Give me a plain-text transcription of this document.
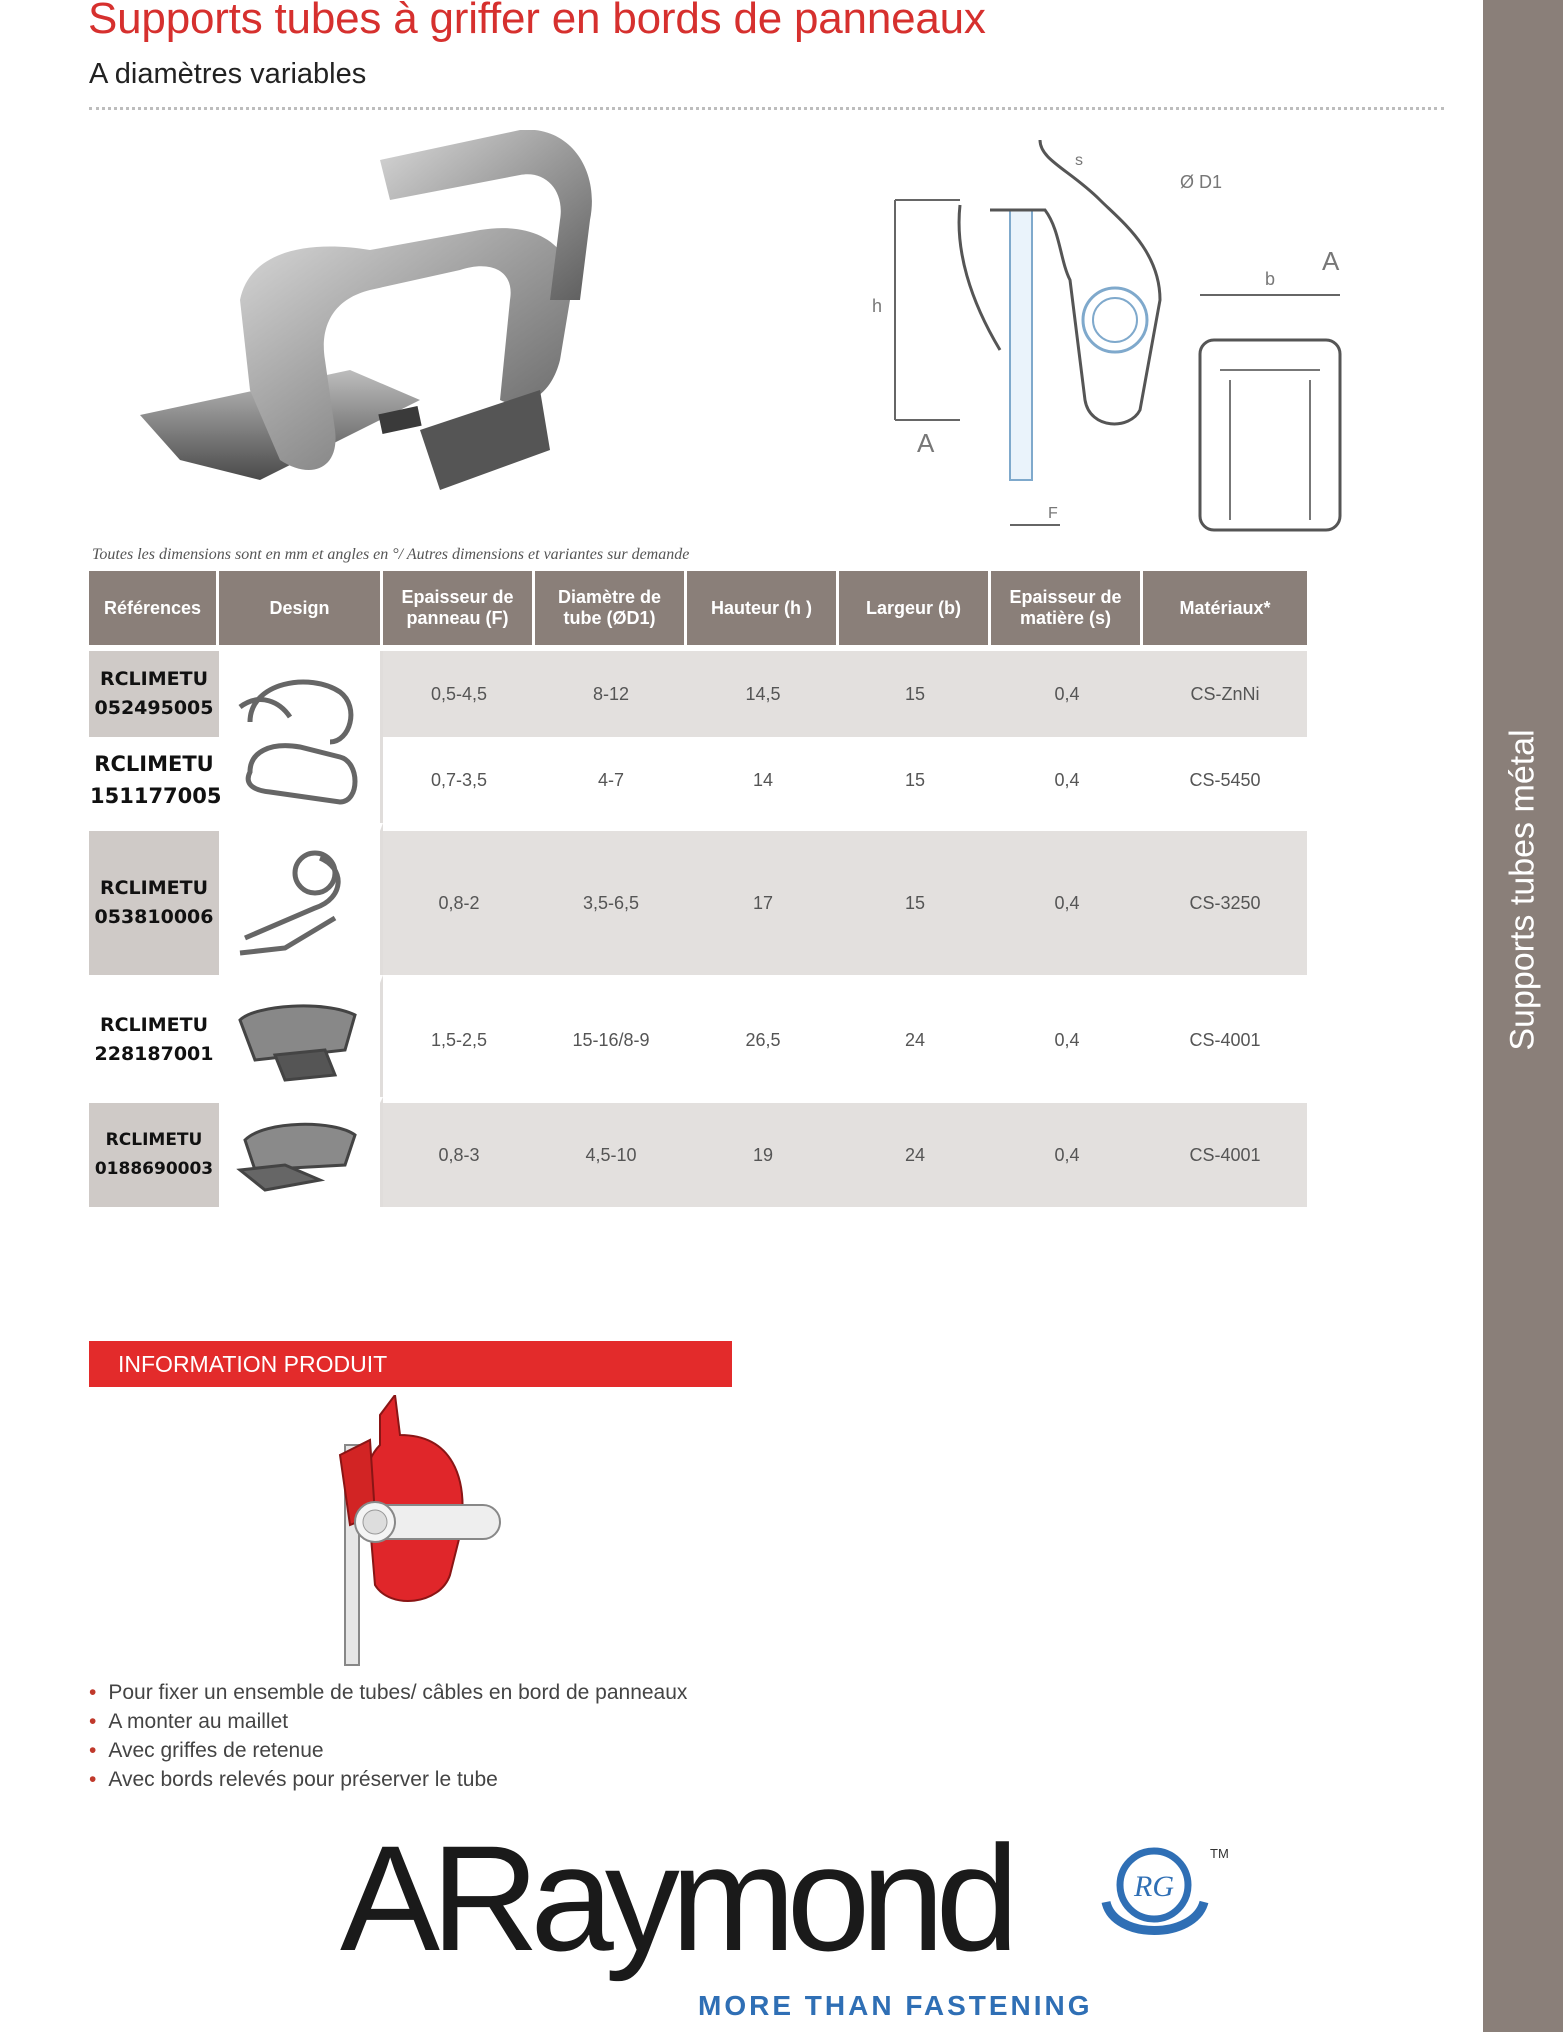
Supports tubes métal
Supports tubes à griffer en bords de panneaux
A diamètres variables
s
Ø D1
h
b
A
A
F
Toutes les dimensions sont en mm et angles en °/ Autres dimensions et variantes sur demande
Références	Design	Epaisseur de panneau (F)	Diamètre de tube (ØD1)	Hauteur (h )	Largeur (b)	Epaisseur de matière (s)	Matériaux*
RCLIMETU
052495005		0,5-4,5	8-12	14,5	15	0,4	CS-ZnNi
RCLIMETU
151177005		0,7-3,5	4-7	14	15	0,4	CS-5450
RCLIMETU
053810006		0,8-2	3,5-6,5	17	15	0,4	CS-3250
RCLIMETU
228187001		1,5-2,5	15-16/8-9	26,5	24	0,4	CS-4001
RCLIMETU
0188690003		0,8-3	4,5-10	19	24	0,4	CS-4001
INFORMATION PRODUIT
• Pour fixer un ensemble de tubes/ câbles en bord de panneaux
• A monter au maillet
• Avec griffes de retenue
• Avec bords relevés pour préserver le tube
ARaymond	RG
TM
MORE THAN FASTENING
